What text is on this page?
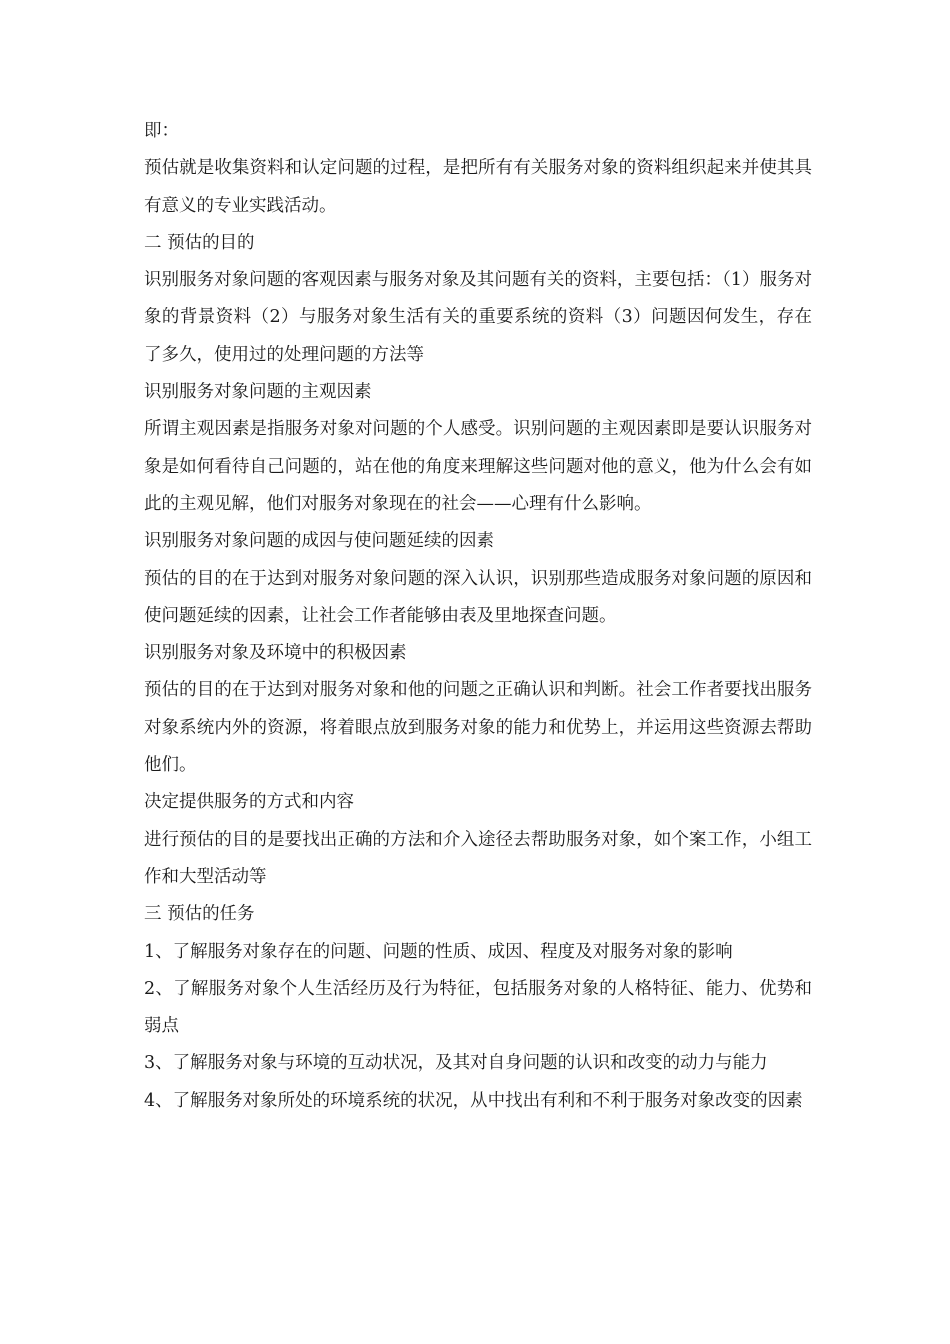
即：

预估就是收集资料和认定问题的过程，是把所有有关服务对象的资料组织起来并使其具有意义的专业实践活动。

二 预估的目的

识别服务对象问题的客观因素与服务对象及其问题有关的资料，主要包括：（1）服务对象的背景资料（2）与服务对象生活有关的重要系统的资料（3）问题因何发生，存在了多久，使用过的处理问题的方法等

识别服务对象问题的主观因素

所谓主观因素是指服务对象对问题的个人感受。识别问题的主观因素即是要认识服务对象是如何看待自己问题的，站在他的角度来理解这些问题对他的意义，他为什么会有如此的主观见解，他们对服务对象现在的社会——心理有什么影响。

识别服务对象问题的成因与使问题延续的因素

预估的目的在于达到对服务对象问题的深入认识，识别那些造成服务对象问题的原因和使问题延续的因素，让社会工作者能够由表及里地探查问题。

识别服务对象及环境中的积极因素

预估的目的在于达到对服务对象和他的问题之正确认识和判断。社会工作者要找出服务对象系统内外的资源，将着眼点放到服务对象的能力和优势上，并运用这些资源去帮助他们。

决定提供服务的方式和内容

进行预估的目的是要找出正确的方法和介入途径去帮助服务对象，如个案工作，小组工作和大型活动等

三 预估的任务

1、了解服务对象存在的问题、问题的性质、成因、程度及对服务对象的影响

2、了解服务对象个人生活经历及行为特征，包括服务对象的人格特征、能力、优势和弱点

3、了解服务对象与环境的互动状况，及其对自身问题的认识和改变的动力与能力

4、了解服务对象所处的环境系统的状况，从中找出有利和不利于服务对象改变的因素
